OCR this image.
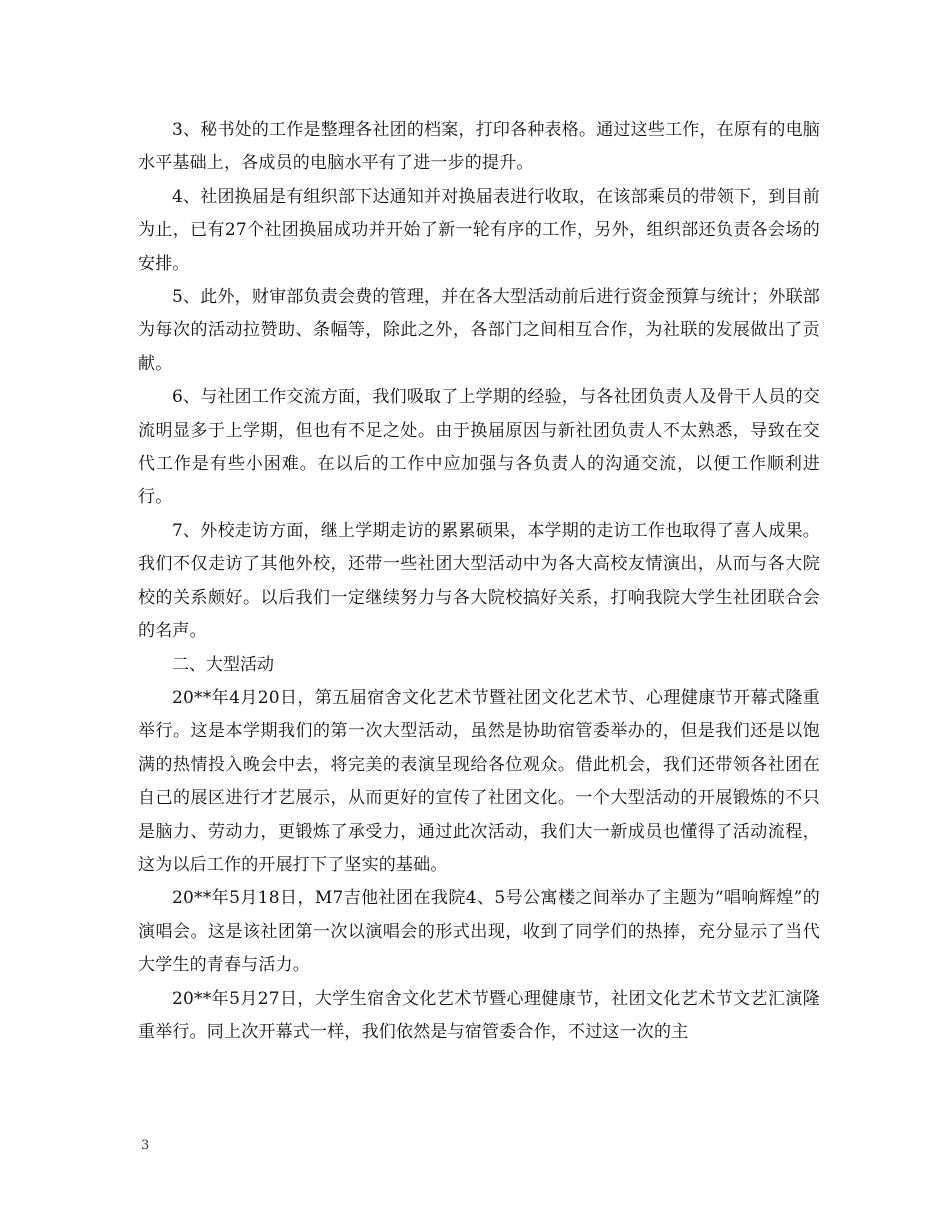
3、秘书处的工作是整理各社团的档案，打印各种表格。通过这些工作，在原有的电脑水平基础上，各成员的电脑水平有了进一步的提升。

4、社团换届是有组织部下达通知并对换届表进行收取，在该部乘员的带领下，到目前为止，已有27个社团换届成功并开始了新一轮有序的工作，另外，组织部还负责各会场的安排。

5、此外，财审部负责会费的管理，并在各大型活动前后进行资金预算与统计；外联部为每次的活动拉赞助、条幅等，除此之外，各部门之间相互合作，为社联的发展做出了贡献。

6、与社团工作交流方面，我们吸取了上学期的经验，与各社团负责人及骨干人员的交流明显多于上学期，但也有不足之处。由于换届原因与新社团负责人不太熟悉，导致在交代工作是有些小困难。在以后的工作中应加强与各负责人的沟通交流，以便工作顺利进行。

7、外校走访方面，继上学期走访的累累硕果，本学期的走访工作也取得了喜人成果。我们不仅走访了其他外校，还带一些社团大型活动中为各大高校友情演出，从而与各大院校的关系颇好。以后我们一定继续努力与各大院校搞好关系，打响我院大学生社团联合会的名声。

二、大型活动

20**年4月20日，第五届宿舍文化艺术节暨社团文化艺术节、心理健康节开幕式隆重举行。这是本学期我们的第一次大型活动，虽然是协助宿管委举办的，但是我们还是以饱满的热情投入晚会中去，将完美的表演呈现给各位观众。借此机会，我们还带领各社团在自己的展区进行才艺展示，从而更好的宣传了社团文化。一个大型活动的开展锻炼的不只是脑力、劳动力，更锻炼了承受力，通过此次活动，我们大一新成员也懂得了活动流程，这为以后工作的开展打下了坚实的基础。

20**年5月18日，M7吉他社团在我院4、5号公寓楼之间举办了主题为“唱响辉煌”的演唱会。这是该社团第一次以演唱会的形式出现，收到了同学们的热捧，充分显示了当代大学生的青春与活力。

20**年5月27日，大学生宿舍文化艺术节暨心理健康节，社团文化艺术节文艺汇演隆重举行。同上次开幕式一样，我们依然是与宿管委合作，不过这一次的主

3
